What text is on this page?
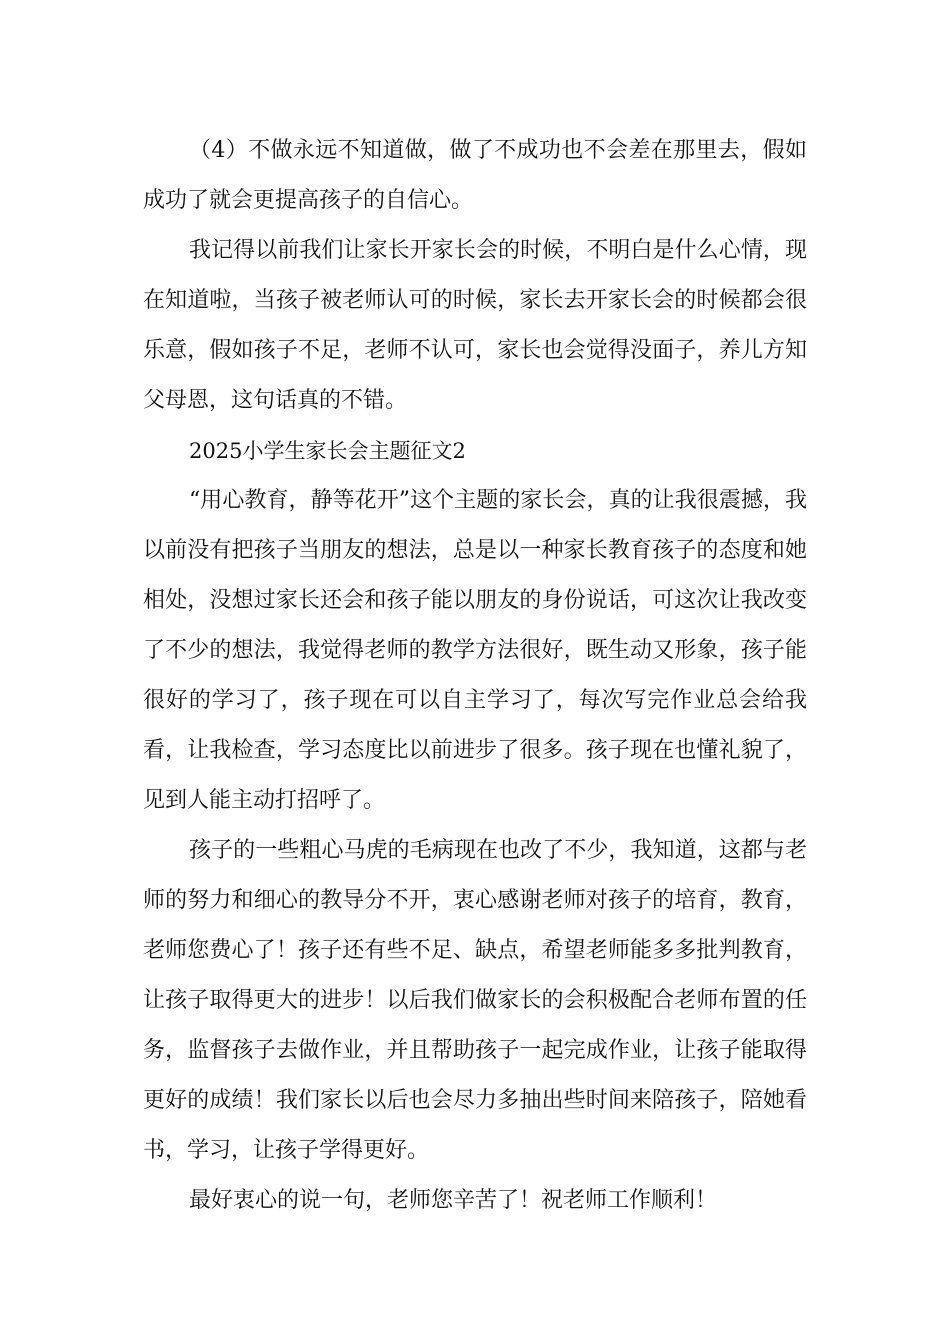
（4）不做永远不知道做，做了不成功也不会差在那里去，假如成功了就会更提高孩子的自信心。

我记得以前我们让家长开家长会的时候，不明白是什么心情，现在知道啦，当孩子被老师认可的时候，家长去开家长会的时候都会很乐意，假如孩子不足，老师不认可，家长也会觉得没面子，养儿方知父母恩，这句话真的不错。

2025小学生家长会主题征文2

“用心教育，静等花开”这个主题的家长会，真的让我很震撼，我以前没有把孩子当朋友的想法，总是以一种家长教育孩子的态度和她相处，没想过家长还会和孩子能以朋友的身份说话，可这次让我改变了不少的想法，我觉得老师的教学方法很好，既生动又形象，孩子能很好的学习了，孩子现在可以自主学习了，每次写完作业总会给我看，让我检查，学习态度比以前进步了很多。孩子现在也懂礼貌了，见到人能主动打招呼了。

孩子的一些粗心马虎的毛病现在也改了不少，我知道，这都与老师的努力和细心的教导分不开，衷心感谢老师对孩子的培育，教育，老师您费心了！孩子还有些不足、缺点，希望老师能多多批判教育，让孩子取得更大的进步！以后我们做家长的会积极配合老师布置的任务，监督孩子去做作业，并且帮助孩子一起完成作业，让孩子能取得更好的成绩！我们家长以后也会尽力多抽出些时间来陪孩子，陪她看书，学习，让孩子学得更好。

最好衷心的说一句，老师您辛苦了！祝老师工作顺利！
